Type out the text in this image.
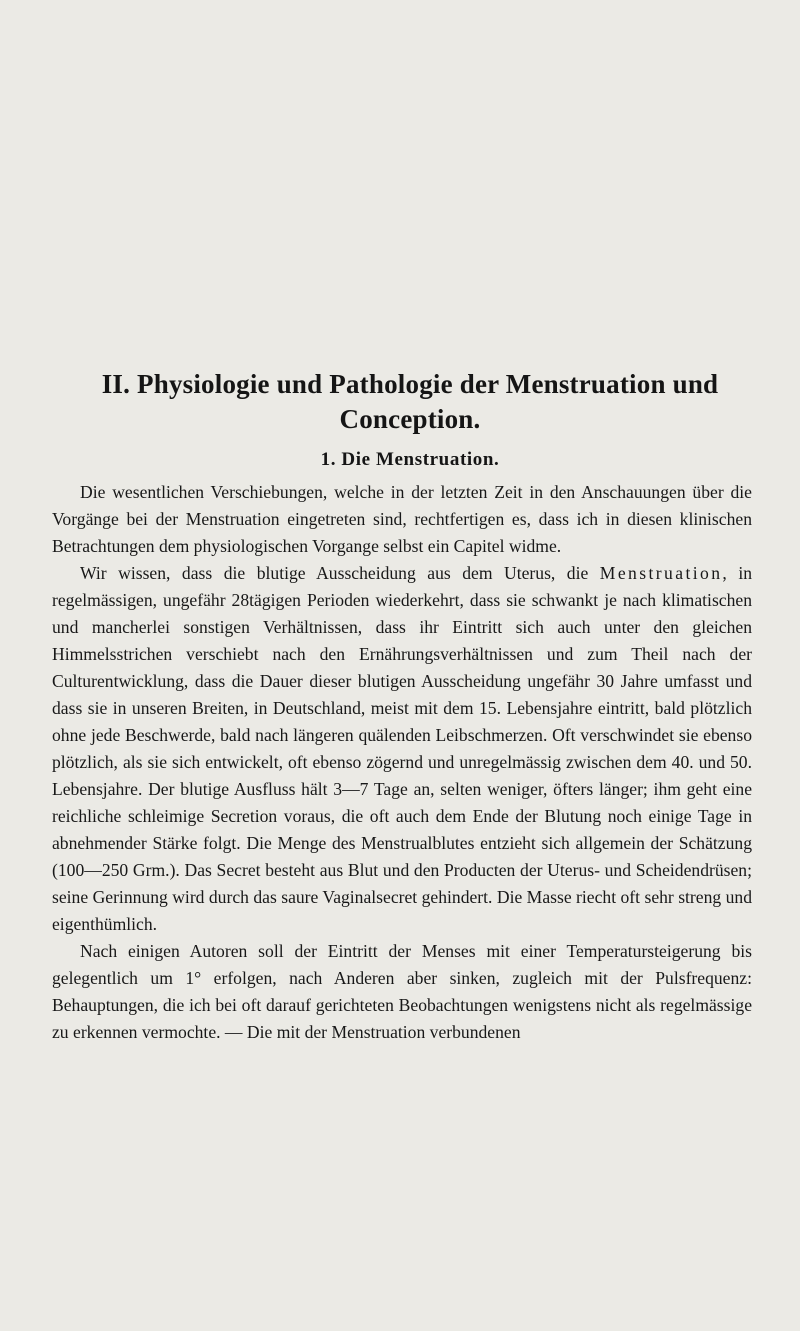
II. Physiologie und Pathologie der Menstruation und
Conception.
1. Die Menstruation.

Die wesentlichen Verschiebungen, welche in der letzten Zeit in den Anschauungen über die Vorgänge bei der Menstruation eingetreten sind, rechtfertigen es, dass ich in diesen klinischen Betrachtungen dem physiologischen Vorgange selbst ein Capitel widme.

Wir wissen, dass die blutige Ausscheidung aus dem Uterus, die Menstruation, in regelmässigen, ungefähr 28tägigen Perioden wiederkehrt, dass sie schwankt je nach klimatischen und mancherlei sonstigen Verhältnissen, dass ihr Eintritt sich auch unter den gleichen Himmelsstrichen verschiebt nach den Ernährungsverhältnissen und zum Theil nach der Culturentwicklung, dass die Dauer dieser blutigen Ausscheidung ungefähr 30 Jahre umfasst und dass sie in unseren Breiten, in Deutschland, meist mit dem 15. Lebensjahre eintritt, bald plötzlich ohne jede Beschwerde, bald nach längeren quälenden Leibschmerzen. Oft verschwindet sie ebenso plötzlich, als sie sich entwickelt, oft ebenso zögernd und unregelmässig zwischen dem 40. und 50. Lebensjahre. Der blutige Ausfluss hält 3—7 Tage an, selten weniger, öfters länger; ihm geht eine reichliche schleimige Secretion voraus, die oft auch dem Ende der Blutung noch einige Tage in abnehmender Stärke folgt. Die Menge des Menstrualblutes entzieht sich allgemein der Schätzung (100—250 Grm.). Das Secret besteht aus Blut und den Producten der Uterus- und Scheidendrüsen; seine Gerinnung wird durch das saure Vaginalsecret gehindert. Die Masse riecht oft sehr streng und eigenthümlich.

Nach einigen Autoren soll der Eintritt der Menses mit einer Temperatursteigerung bis gelegentlich um 1° erfolgen, nach Anderen aber sinken, zugleich mit der Pulsfrequenz: Behauptungen, die ich bei oft darauf gerichteten Beobachtungen wenigstens nicht als regelmässige zu erkennen vermochte. — Die mit der Menstruation verbundenen
